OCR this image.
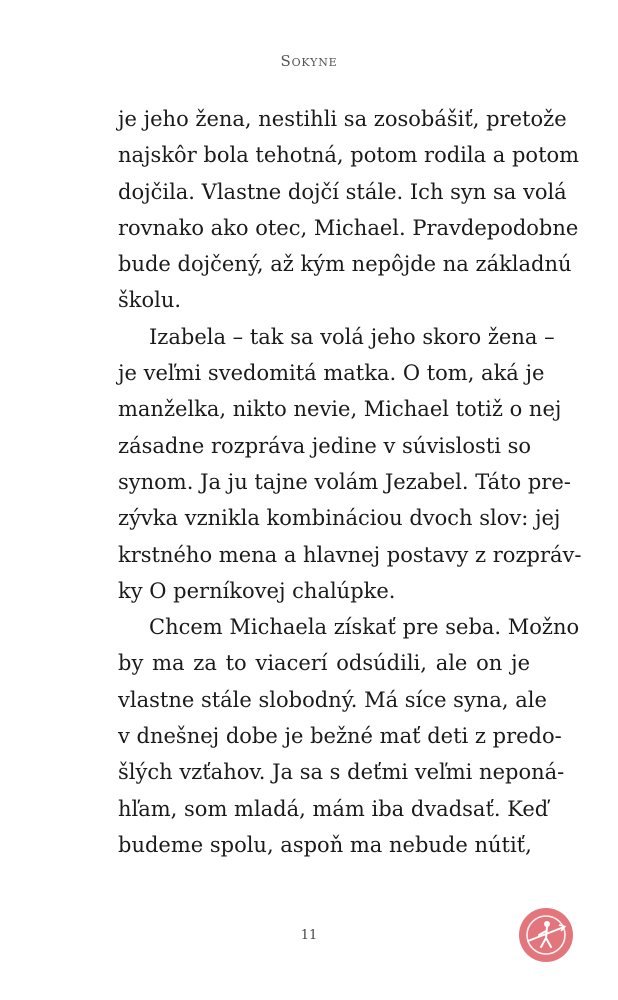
Sokyne
je jeho žena, nestihli sa zosobášiť, pretože
najskôr bola tehotná, potom rodila a potom
dojčila. Vlastne dojčí stále. Ich syn sa volá
rovnako ako otec, Michael. Pravdepodobne
bude dojčený, až kým nepôjde na základnú
školu.
Izabela – tak sa volá jeho skoro žena –
je veľmi svedomitá matka. O tom, aká je
manželka, nikto nevie, Michael totiž o nej
zásadne rozpráva jedine v súvislosti so
synom. Ja ju tajne volám Jezabel. Táto pre-
zývka vznikla kombináciou dvoch slov: jej
krstného mena a hlavnej postavy z rozpráv-
ky O perníkovej chalúpke.
Chcem Michaela získať pre seba. Možno
by ma za to viacerí odsúdili, ale on je
vlastne stále slobodný. Má síce syna, ale
v dnešnej dobe je bežné mať deti z predo-
šlých vzťahov. Ja sa s deťmi veľmi neponá-
hľam, som mladá, mám iba dvadsať. Keď
budeme spolu, aspoň ma nebude nútiť,
11
